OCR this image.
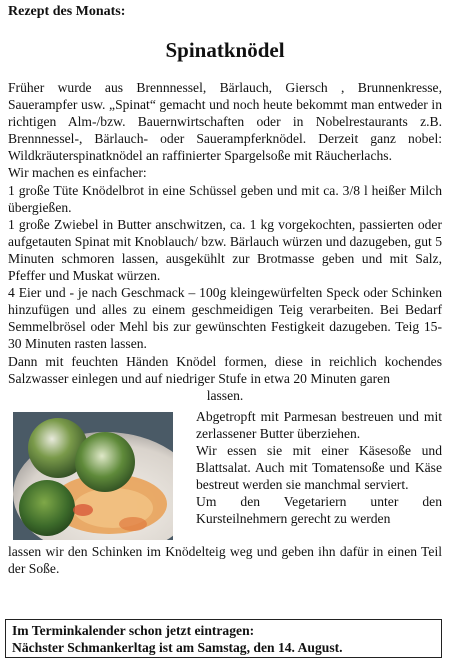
Rezept des Monats:
Spinatknödel

Früher wurde aus Brennnessel, Bärlauch, Giersch , Brunnenkresse, Sauerampfer usw. „Spinat“ gemacht und noch heute bekommt man entweder in richtigen Alm-/bzw. Bauernwirtschaften oder in Nobelrestaurants z.B. Brennnessel-, Bärlauch- oder Sauerampferknödel. Derzeit ganz nobel: Wildkräuterspinatknödel an raffinierter Spargelsoße mit Räucherlachs.

Wir machen es einfacher:

1 große Tüte Knödelbrot in eine Schüssel geben und mit ca. 3/8 l heißer Milch übergießen.

1 große Zwiebel in Butter anschwitzen, ca. 1 kg vorgekochten, passierten oder aufgetauten Spinat mit Knoblauch/ bzw. Bärlauch würzen und dazugeben, gut 5 Minuten schmoren lassen, ausgekühlt zur Brotmasse geben und mit Salz, Pfeffer und Muskat würzen.

4 Eier und - je nach Geschmack – 100g kleingewürfelten Speck oder Schinken hinzufügen und alles zu einem geschmeidigen Teig verarbeiten. Bei Bedarf Semmelbrösel oder Mehl bis zur gewünschten Festigkeit dazugeben. Teig 15-30 Minuten rasten lassen.

Dann mit feuchten Händen Knödel formen, diese in reichlich kochendes Salzwasser einlegen und auf niedriger Stufe in etwa 20 Minuten garen

lassen.

Abgetropft mit Parmesan bestreuen und mit zerlassener Butter überziehen.

Wir essen sie mit einer Käsesoße und Blattsalat. Auch mit Tomatensoße und Käse bestreut werden sie manchmal serviert.

Um den Vegetariern unter den Kursteilnehmern gerecht zu werden

lassen wir den Schinken im Knödelteig weg und geben ihn dafür in einen Teil der Soße.

Im Terminkalender schon jetzt eintragen:
Nächster Schmankerltag ist am Samstag, den 14. August.
